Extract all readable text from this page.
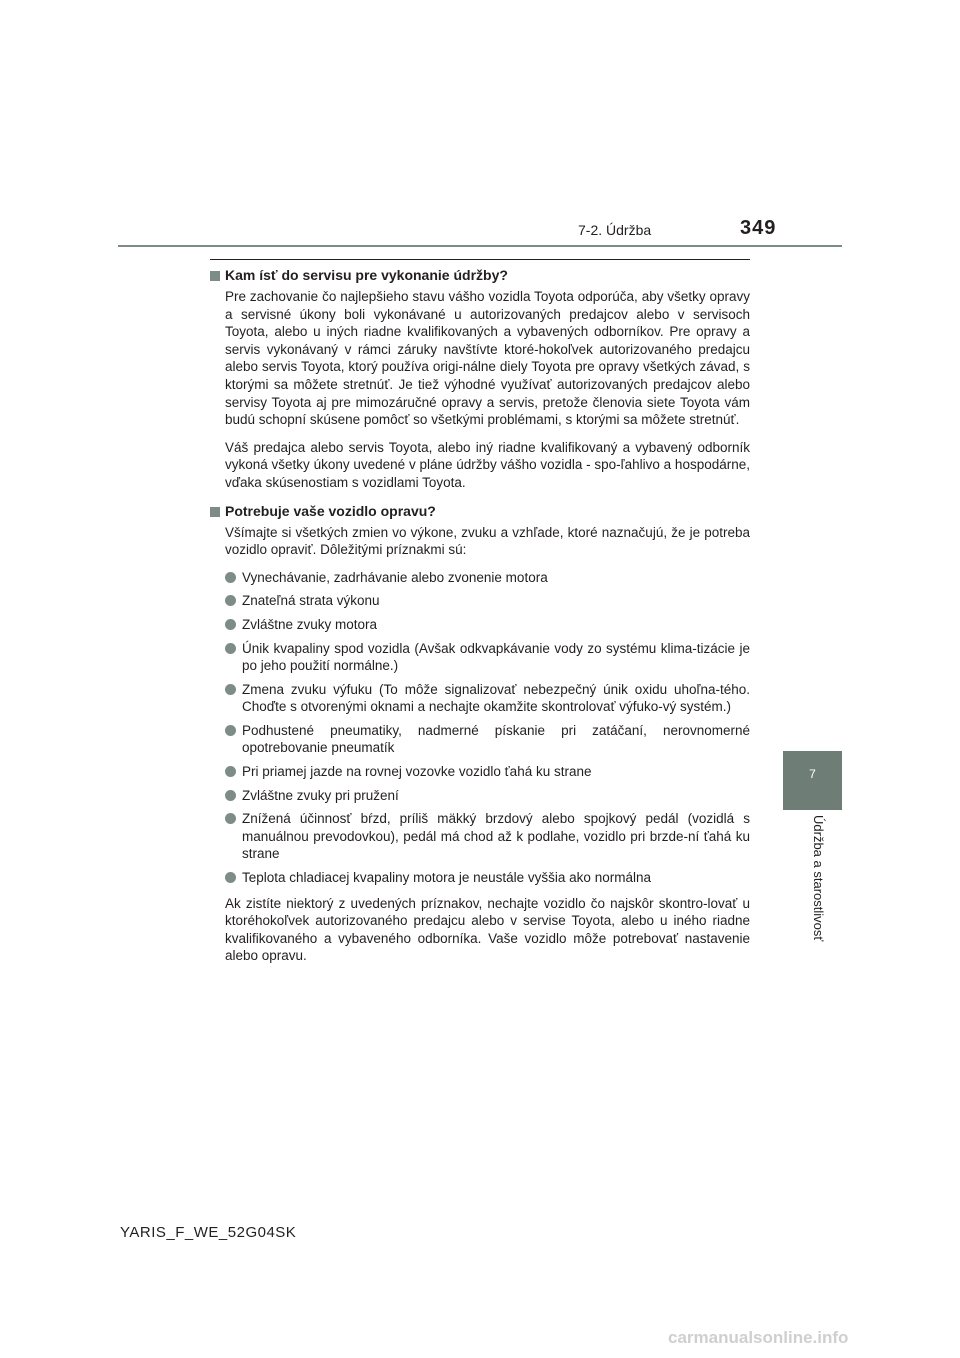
7-2. Údržba	349
7
Údržba a starostlivosť
Kam ísť do servisu pre vykonanie údržby?

Pre zachovanie čo najlepšieho stavu vášho vozidla Toyota odporúča, aby všetky opravy a servisné úkony boli vykonávané u autorizovaných predajcov alebo v servisoch Toyota, alebo u iných riadne kvalifikovaných a vybavených odborníkov. Pre opravy a servis vykonávaný v rámci záruky navštívte ktoré-hokoľvek autorizovaného predajcu alebo servis Toyota, ktorý používa origi-nálne diely Toyota pre opravy všetkých závad, s ktorými sa môžete stretnúť. Je tiež výhodné využívať autorizovaných predajcov alebo servisy Toyota aj pre mimozáručné opravy a servis, pretože členovia siete Toyota vám budú schopní skúsene pomôcť so všetkými problémami, s ktorými sa môžete stretnúť.

Váš predajca alebo servis Toyota, alebo iný riadne kvalifikovaný a vybavený odborník vykoná všetky úkony uvedené v pláne údržby vášho vozidla - spo-ľahlivo a hospodárne, vďaka skúsenostiam s vozidlami Toyota.

Potrebuje vaše vozidlo opravu?

Všímajte si všetkých zmien vo výkone, zvuku a vzhľade, ktoré naznačujú, že je potreba vozidlo opraviť. Dôležitými príznakmi sú:

Vynechávanie, zadrhávanie alebo zvonenie motora
Znateľná strata výkonu
Zvláštne zvuky motora
Únik kvapaliny spod vozidla (Avšak odkvapkávanie vody zo systému klima-tizácie je po jeho použití normálne.)
Zmena zvuku výfuku (To môže signalizovať nebezpečný únik oxidu uhoľna-tého. Choďte s otvorenými oknami a nechajte okamžite skontrolovať výfuko-vý systém.)
Podhustené pneumatiky, nadmerné pískanie pri zatáčaní, nerovnomerné opotrebovanie pneumatík
Pri priamej jazde na rovnej vozovke vozidlo ťahá ku strane
Zvláštne zvuky pri pružení
Znížená účinnosť bŕzd, príliš mäkký brzdový alebo spojkový pedál (vozidlá s manuálnou prevodovkou), pedál má chod až k podlahe, vozidlo pri brzde-ní ťahá ku strane
Teplota chladiacej kvapaliny motora je neustále vyššia ako normálna

Ak zistíte niektorý z uvedených príznakov, nechajte vozidlo čo najskôr skontro-lovať u ktoréhokoľvek autorizovaného predajcu alebo v servise Toyota, alebo u iného riadne kvalifikovaného a vybaveného odborníka. Vaše vozidlo môže potrebovať nastavenie alebo opravu.

YARIS_F_WE_52G04SK
carmanualsonline.info
